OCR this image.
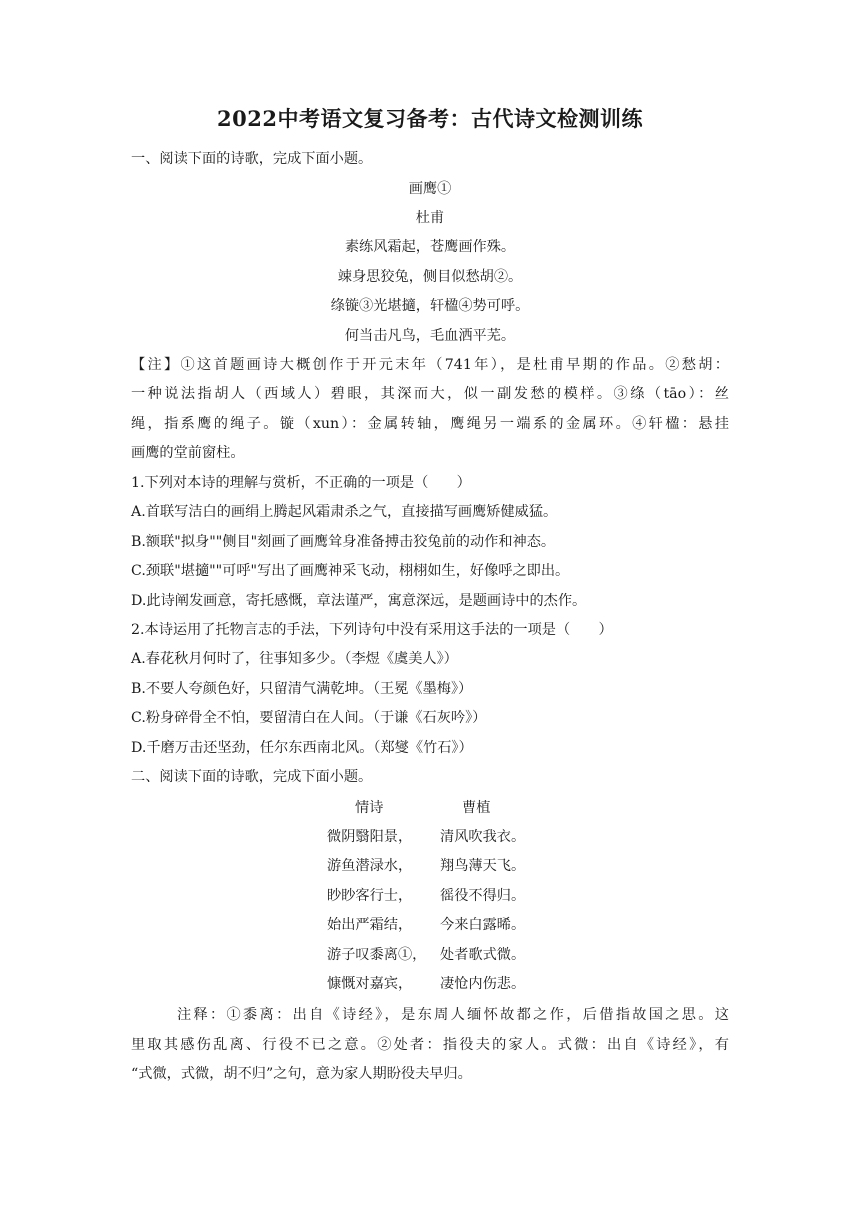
2022中考语文复习备考：古代诗文检测训练
一、阅读下面的诗歌，完成下面小题。
画鹰①
杜甫
素练风霜起，苍鹰画作殊。
竦身思狡兔，侧目似愁胡②。
绦镟③光堪擿，轩楹④势可呼。
何当击凡鸟，毛血洒平芜。
【注】①这首题画诗大概创作于开元末年（741年），是杜甫早期的作品。②愁胡：
一种说法指胡人（西域人）碧眼，其深而大，似一副发愁的模样。③绦（tāo）：丝
绳，指系鹰的绳子。镟（xun）：金属转轴，鹰绳另一端系的金属环。④轩楹：悬挂
画鹰的堂前窗柱。
1.下列对本诗的理解与赏析，不正确的一项是（　　）
A.首联写洁白的画绢上腾起风霜肃杀之气，直接描写画鹰矫健威猛。
B.额联"拟身""侧目"刻画了画鹰耸身准备搏击狡兔前的动作和神态。
C.颈联"堪擿""可呼"写出了画鹰神采飞动，栩栩如生，好像呼之即出。
D.此诗阐发画意，寄托感慨，章法谨严，寓意深远，是题画诗中的杰作。
2.本诗运用了托物言志的手法，下列诗句中没有采用这手法的一项是（　　）
A.春花秋月何时了，往事知多少。（李煜《虞美人》）
B.不要人夸颜色好，只留清气满乾坤。（王冕《墨梅》）
C.粉身碎骨全不怕，要留清白在人间。（于谦《石灰吟》）
D.千磨万击还坚劲，任尔东西南北风。（郑燮《竹石》）
二、阅读下面的诗歌，完成下面小题。
情诗	曹植
微阴翳阳景， 清风吹我衣。
游鱼潜渌水， 翔鸟薄天飞。
眇眇客行士， 徭役不得归。
始出严霜结， 今来白露晞。
游子叹黍离①， 处者歌式微。
慷慨对嘉宾， 凄怆内伤悲。
注释：①黍离：出自《诗经》，是东周人缅怀故都之作，后借指故国之思。这
里取其感伤乱离、行役不已之意。②处者：指役夫的家人。式微：出自《诗经》，有
“式微，式微，胡不归”之句，意为家人期盼役夫早归。
